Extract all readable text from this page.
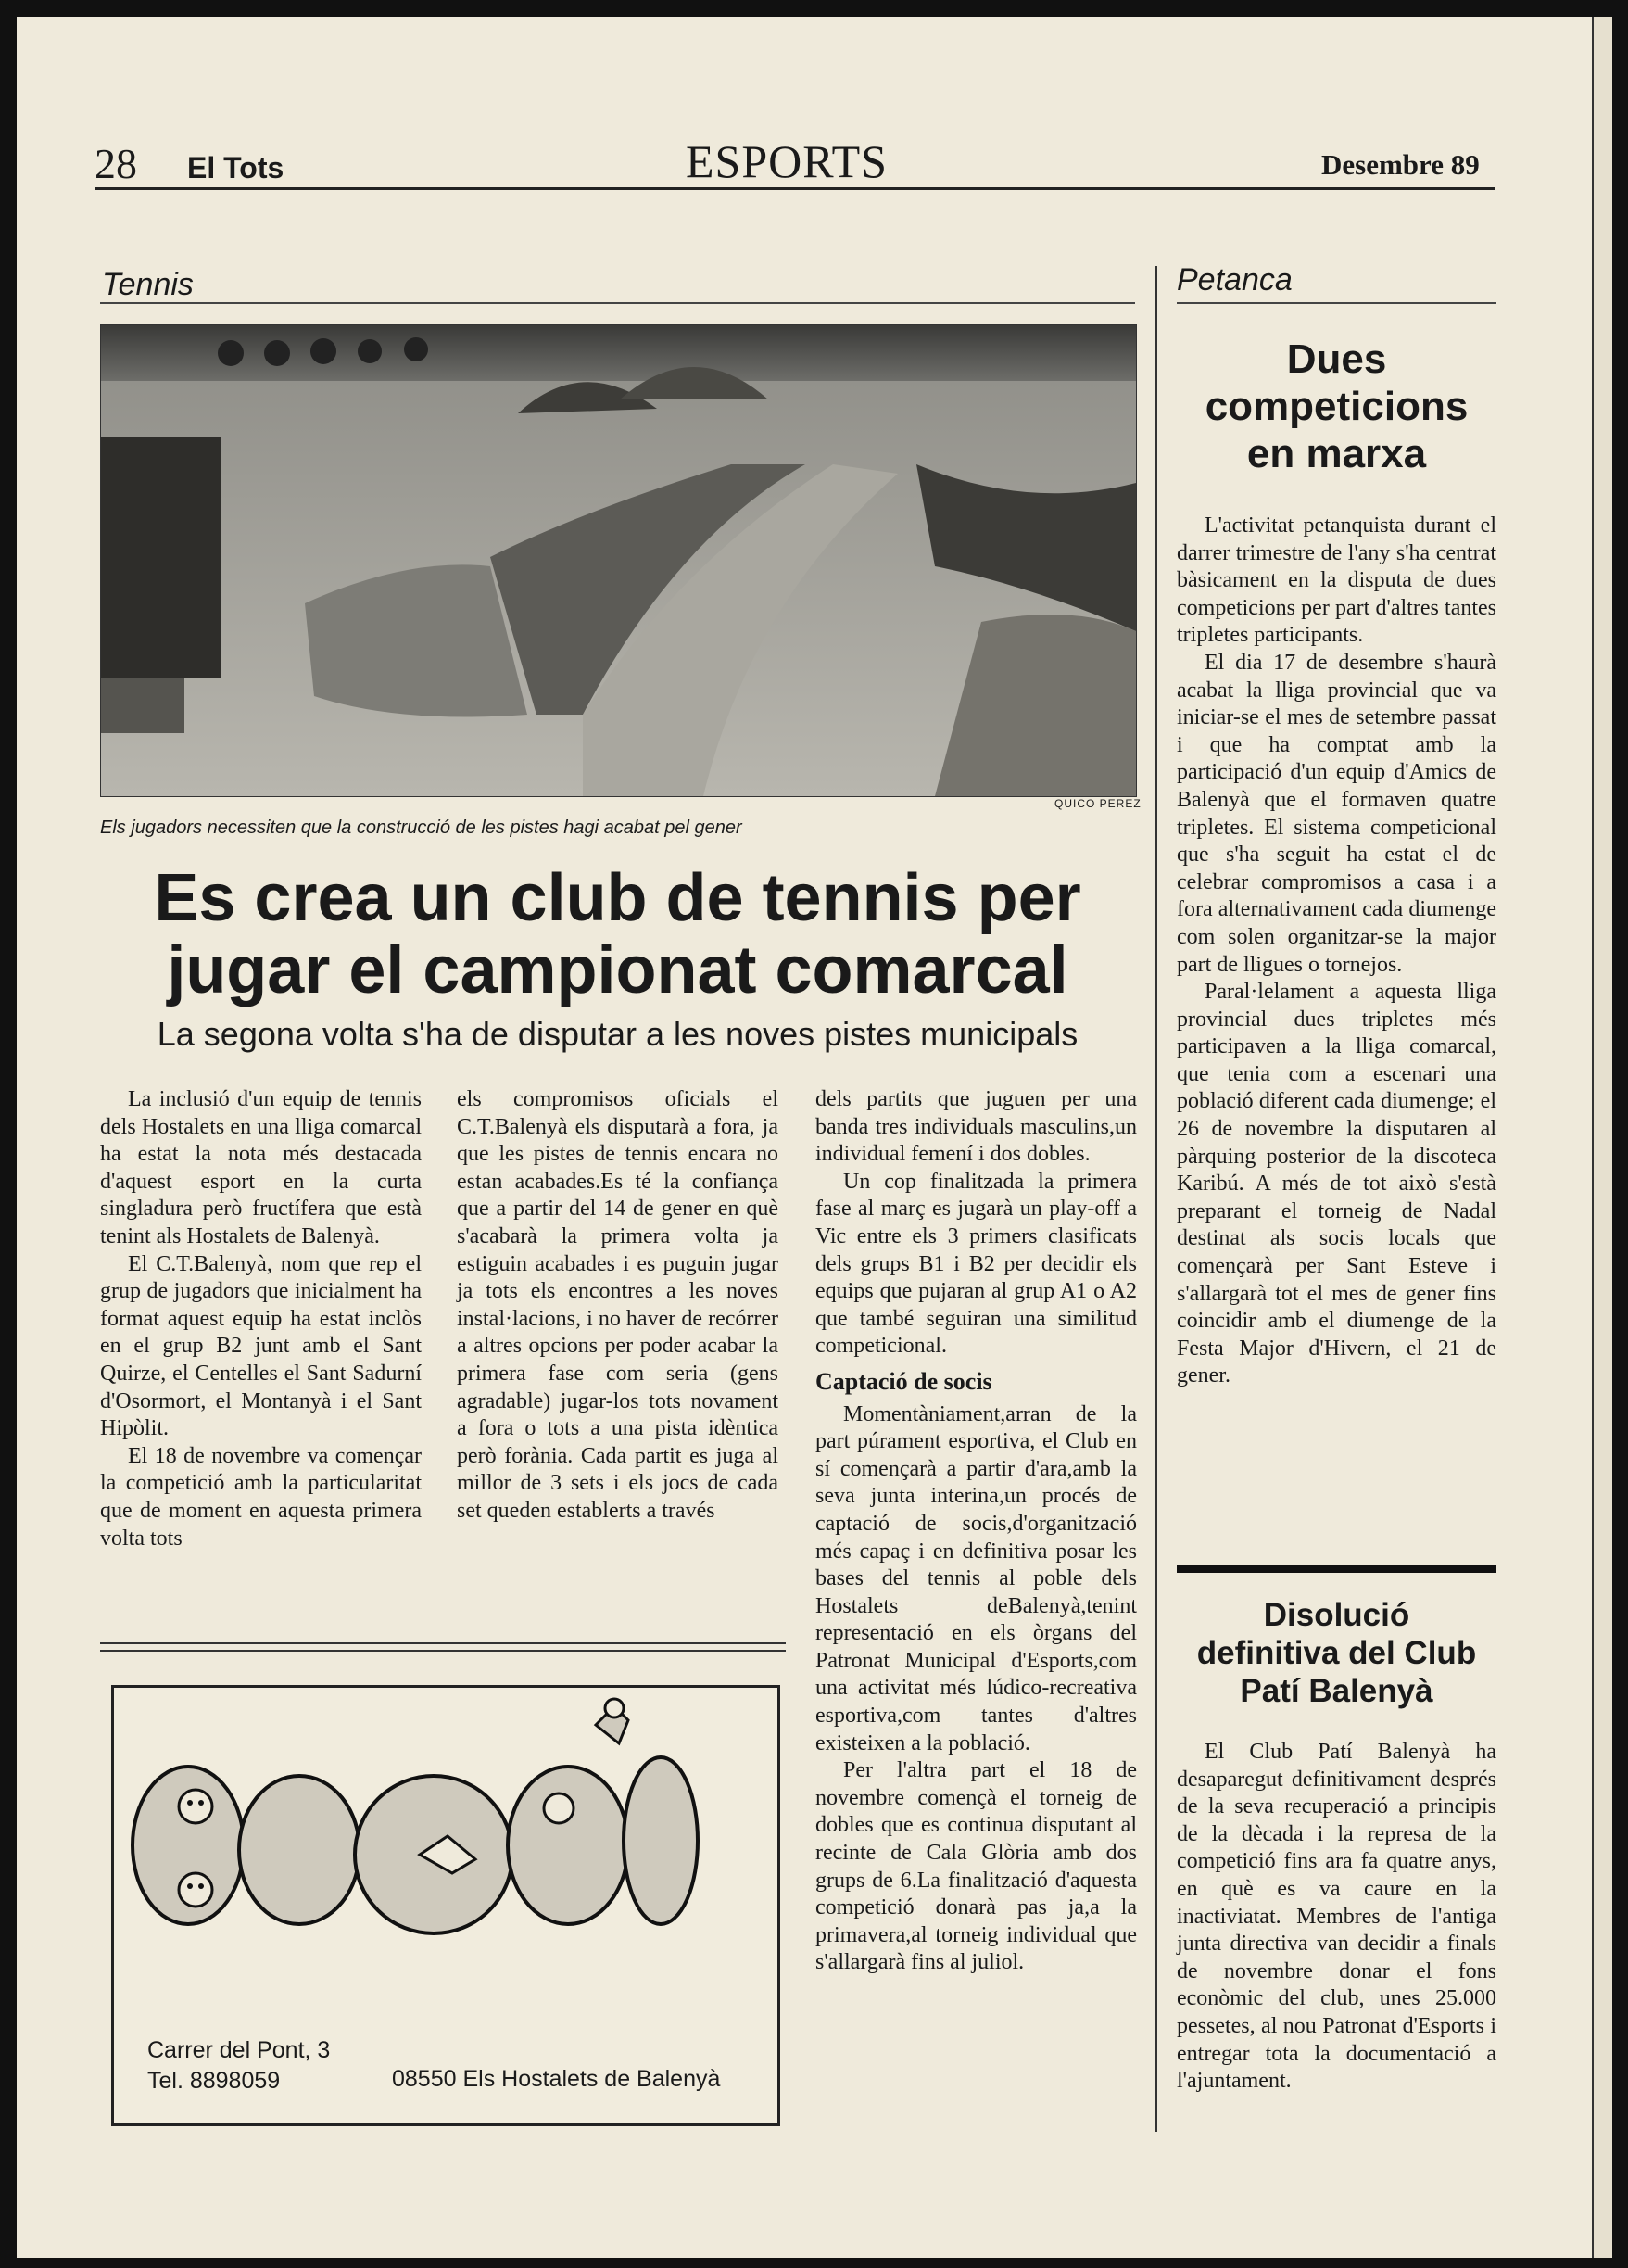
28 El Tots	ESPORTS	Desembre 89
Tennis
QUICO PEREZ
Els jugadors necessiten que la construcció de les pistes hagi acabat pel gener
Es crea un club de tennis per
jugar el campionat comarcal
La segona volta s'ha de disputar a les noves pistes municipals

La inclusió d'un equip de tennis dels Hostalets en una lliga comarcal ha estat la nota més destacada d'aquest esport en la curta singladura però fructífera que està tenint als Hostalets de Balenyà.

El C.T.Balenyà, nom que rep el grup de jugadors que inicialment ha format aquest equip ha estat inclòs en el grup B2 junt amb el Sant Quirze, el Centelles el Sant Sadurní d'Osormort, el Montanyà i el Sant Hipòlit.

El 18 de novembre va començar la competició amb la particularitat que de moment en aquesta primera volta tots

els compromisos oficials el C.T.Balenyà els disputarà a fora, ja que les pistes de tennis encara no estan acabades.Es té la confiança que a partir del 14 de gener en què s'acabarà la primera volta ja estiguin acabades i es puguin jugar ja tots els encontres a les noves instal·lacions, i no haver de recórrer a altres opcions per poder acabar la primera fase com seria (gens agradable) jugar-los tots novament a fora o tots a una pista idèntica però forània. Cada partit es juga al millor de 3 sets i els jocs de cada set queden establerts a través

dels partits que juguen per una banda tres individuals masculins,un individual femení i dos dobles.

Un cop finalitzada la primera fase al març es jugarà un play-off a Vic entre els 3 primers clasificats dels grups B1 i B2 per decidir els equips que pujaran al grup A1 o A2 que també seguiran una similitud competicional.

Captació de socis

Momentàniament,arran de la part púrament esportiva, el Club en sí començarà a partir d'ara,amb la seva junta interina,un procés de captació de socis,d'organització més capaç i en definitiva posar les bases del tennis al poble dels Hostalets deBalenyà,tenint representació en els òrgans del Patronat Municipal d'Esports,com una activitat més lúdico-recreativa esportiva,com tantes d'altres existeixen a la població.

Per l'altra part el 18 de novembre començà el torneig de dobles que es continua disputant al recinte de Cala Glòria amb dos grups de 6.La finalització d'aquesta competició donarà pas ja,a la primavera,al torneig individual que s'allargarà fins al juliol.

Carrer del Pont, 3
Tel. 8898059	08550 Els Hostalets de Balenyà
Petanca
Dues
competicions
en marxa

L'activitat petanquista durant el darrer trimestre de l'any s'ha centrat bàsicament en la disputa de dues competicions per part d'altres tantes tripletes participants.

El dia 17 de desembre s'haurà acabat la lliga provincial que va iniciar-se el mes de setembre passat i que ha comptat amb la participació d'un equip d'Amics de Balenyà que el formaven quatre tripletes. El sistema competicional que s'ha seguit ha estat el de celebrar compromisos a casa i a fora alternativament cada diumenge com solen organitzar-se la major part de lligues o tornejos.

Paral·lelament a aquesta lliga provincial dues tripletes més participaven a la lliga comarcal, que tenia com a escenari una població diferent cada diumenge; el 26 de novembre la disputaren al pàrquing posterior de la discoteca Karibú. A més de tot això s'està preparant el torneig de Nadal destinat als socis locals que començarà per Sant Esteve i s'allargarà tot el mes de gener fins coincidir amb el diumenge de la Festa Major d'Hivern, el 21 de gener.

Disolució
definitiva del Club
Patí Balenyà

El Club Patí Balenyà ha desaparegut definitivament després de la seva recuperació a principis de la dècada i la represa de la competició fins ara fa quatre anys, en què es va caure en la inactiviatat. Membres de l'antiga junta directiva van decidir a finals de novembre donar el fons econòmic del club, unes 25.000 pessetes, al nou Patronat d'Esports i entregar tota la documentació a l'ajuntament.
